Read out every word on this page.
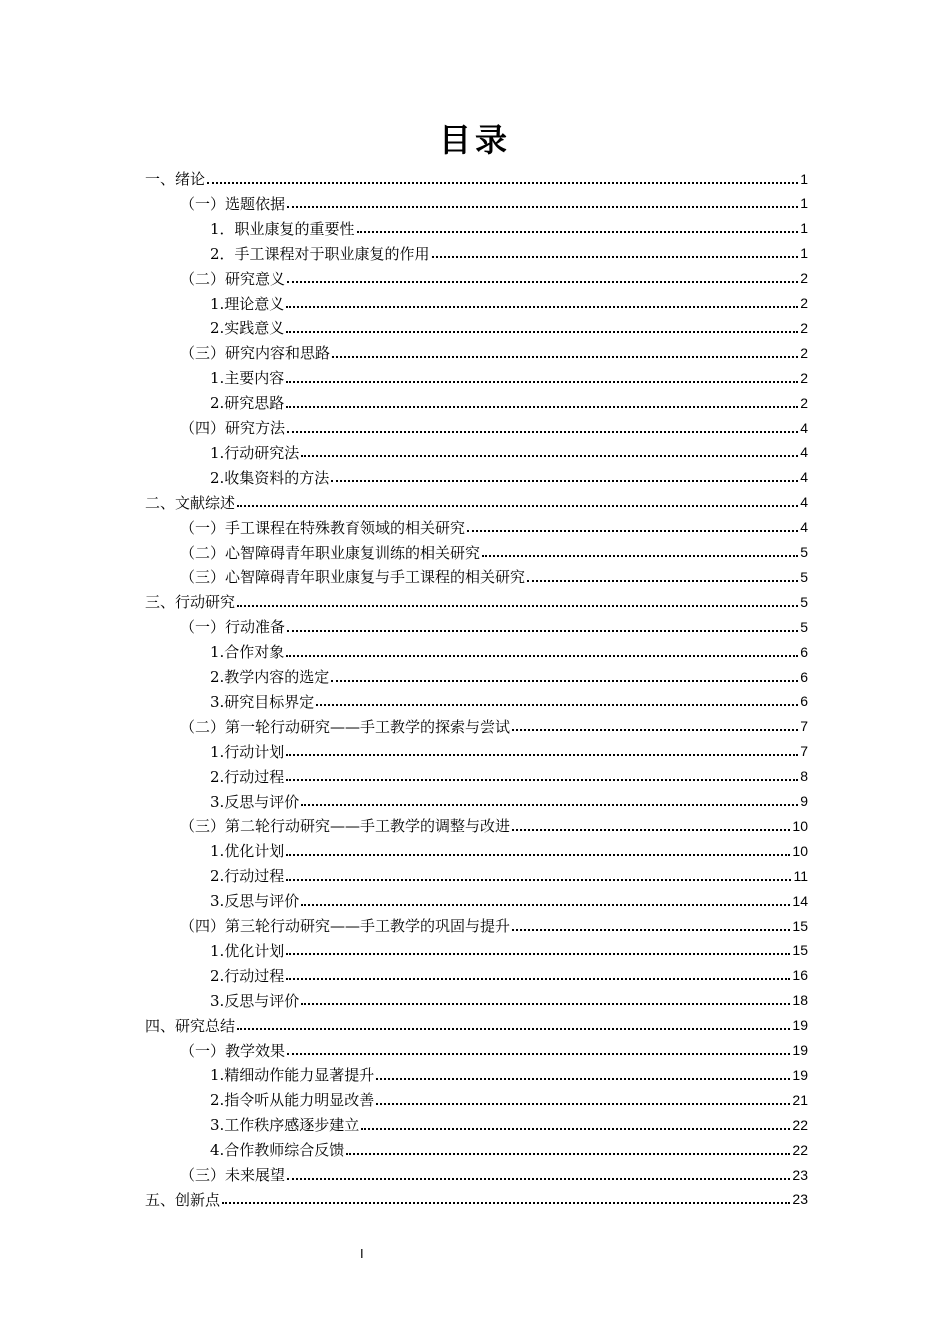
目录
一、绪论	1
（一）选题依据	1
1．职业康复的重要性	1
2．手工课程对于职业康复的作用	1
（二）研究意义	2
1.理论意义	2
2.实践意义	2
（三）研究内容和思路	2
1.主要内容	2
2.研究思路	2
（四）研究方法	4
1.行动研究法	4
2.收集资料的方法	4
二、文献综述	4
（一）手工课程在特殊教育领域的相关研究	4
（二）心智障碍青年职业康复训练的相关研究	5
（三）心智障碍青年职业康复与手工课程的相关研究	5
三、行动研究	5
（一）行动准备	5
1.合作对象	6
2.教学内容的选定	6
3.研究目标界定	6
（二）第一轮行动研究——手工教学的探索与尝试	7
1.行动计划	7
2.行动过程	8
3.反思与评价	9
（三）第二轮行动研究——手工教学的调整与改进	10
1.优化计划	10
2.行动过程	11
3.反思与评价	14
（四）第三轮行动研究——手工教学的巩固与提升	15
1.优化计划	15
2.行动过程	16
3.反思与评价	18
四、研究总结	19
（一）教学效果	19
1.精细动作能力显著提升	19
2.指令听从能力明显改善	21
3.工作秩序感逐步建立	22
4.合作教师综合反馈	22
（三）未来展望	23
五、创新点	23
I
